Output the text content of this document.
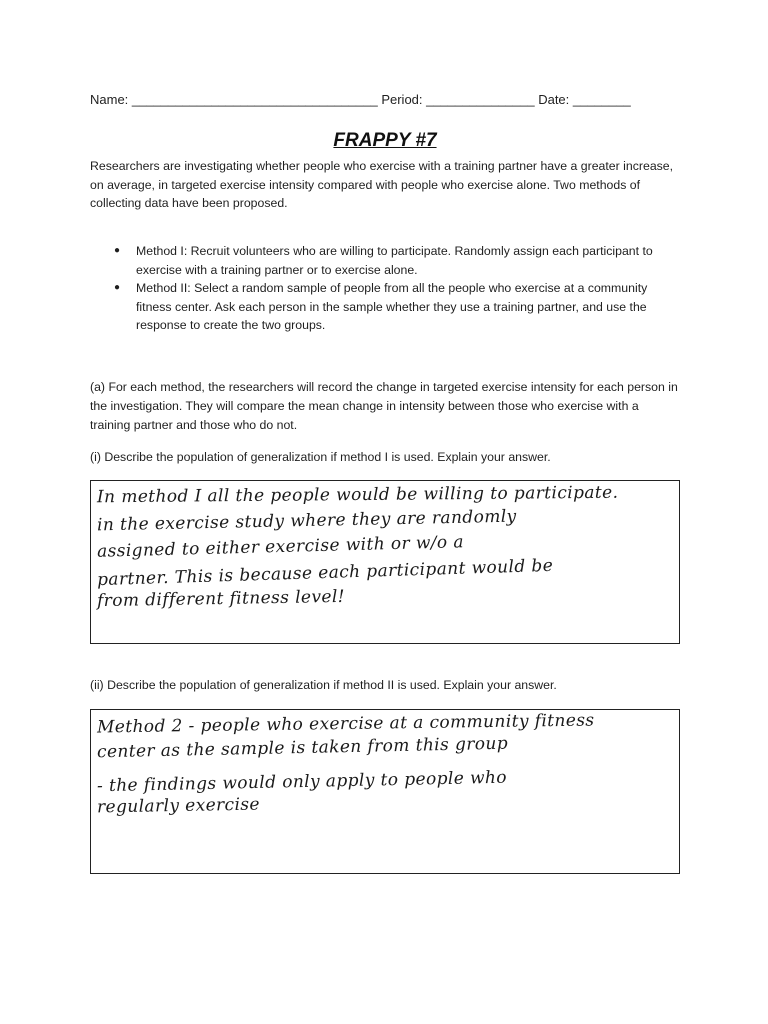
Name: __________________________________ Period: _______________ Date: ________
FRAPPY #7
Researchers are investigating whether people who exercise with a training partner have a greater increase, on average, in targeted exercise intensity compared with people who exercise alone. Two methods of collecting data have been proposed.
● Method I: Recruit volunteers who are willing to participate. Randomly assign each participant to exercise with a training partner or to exercise alone.
● Method II: Select a random sample of people from all the people who exercise at a community fitness center. Ask each person in the sample whether they use a training partner, and use the response to create the two groups.
(a) For each method, the researchers will record the change in targeted exercise intensity for each person in the investigation. They will compare the mean change in intensity between those who exercise with a training partner and those who do not.
(i) Describe the population of generalization if method I is used. Explain your answer.
In method I all the people would be willing to participate.
in the exercise study where they are randomly
assigned to either exercise with or w/o a
partner. This is because each participant would be
from different fitness level!
(ii) Describe the population of generalization if method II is used. Explain your answer.
Method 2 - people who exercise at a community fitness
center as the sample is taken from this group
- the findings would only apply to people who
regularly exercise
